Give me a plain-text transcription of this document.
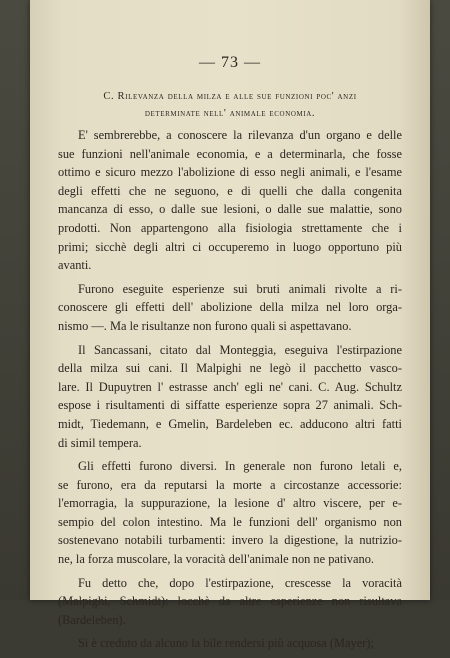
— 73 —
C. Rilevanza della milza e alle sue funzioni poc' anzi
determinate nell' animale economia.
E' sembrerebbe, a conoscere la rilevanza d'un organo e delle
sue funzioni nell'animale economia, e a determinarla, che fosse
ottimo e sicuro mezzo l'abolizione di esso negli animali, e l'esame
degli effetti che ne seguono, e di quelli che dalla congenita
mancanza di esso, o dalle sue lesioni, o dalle sue malattie, sono
prodotti. Non appartengono alla fisiologia strettamente che i
primi; sicchè degli altri ci occuperemo in luogo opportuno più
avanti.
Furono eseguite esperienze sui bruti animali rivolte a ri-
conoscere gli effetti dell' abolizione della milza nel loro orga-
nismo —. Ma le risultanze non furono quali si aspettavano.
Il Sancassani, citato dal Monteggia, eseguiva l'estirpazione
della milza sui cani. Il Malpighi ne legò il pacchetto vasco-
lare. Il Dupuytren l' estrasse anch' egli ne' cani. C. Aug. Schultz
espose i risultamenti di siffatte esperienze sopra 27 animali. Sch-
midt, Tiedemann, e Gmelin, Bardeleben ec. adducono altri fatti
di simil tempera.
Gli effetti furono diversi. In generale non furono letali e,
se furono, era da reputarsi la morte a circostanze accessorie:
l'emorragia, la suppurazione, la lesione d' altro viscere, per e-
sempio del colon intestino. Ma le funzioni dell' organismo non
sostenevano notabili turbamenti: invero la digestione, la nutrizio-
ne, la forza muscolare, la voracità dell'animale non ne pativano.
Fu detto che, dopo l'estirpazione, crescesse la voracità
(Malpighi, Schmidt): locchè da altre esperienze non risultava
(Bardeleben).
Si è creduto da alcuno la bile rendersi più acquosa (Mayer);
